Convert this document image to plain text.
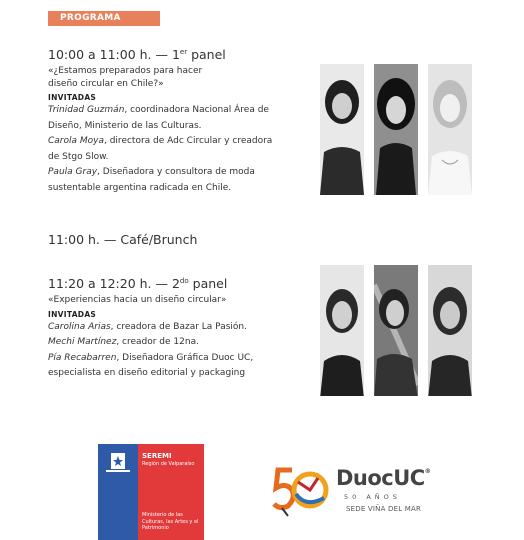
PROGRAMA
10:00 a 11:00 h. — 1er panel
«¿Estamos preparados para hacer
diseño circular en Chile?»
INVITADAS
Trinidad Guzmán, coordinadora Nacional Área de
Diseño, Ministerio de las Culturas.
Carola Moya, directora de Adc Circular y creadora
de Stgo Slow.
Paula Gray, Diseñadora y consultora de moda
sustentable argentina radicada en Chile.
11:00 h. — Café/Brunch
11:20 a 12:20 h. — $2^{do}$ panel
«Experiencias hacia un diseño circular»
INVITADAS
Carolina Arias, creadora de Bazar La Pasión.
Mechi Martínez, creador de 12na.
Pía Recabarren, Diseñadora Gráfica Duoc UC,
especialista en diseño editorial y packaging
SEREMI
Región de Valparaíso
Ministerio de las Culturas, las Artes y el Patrimonio
DuocUC®
50 AÑOS
SEDE VIÑA DEL MAR
